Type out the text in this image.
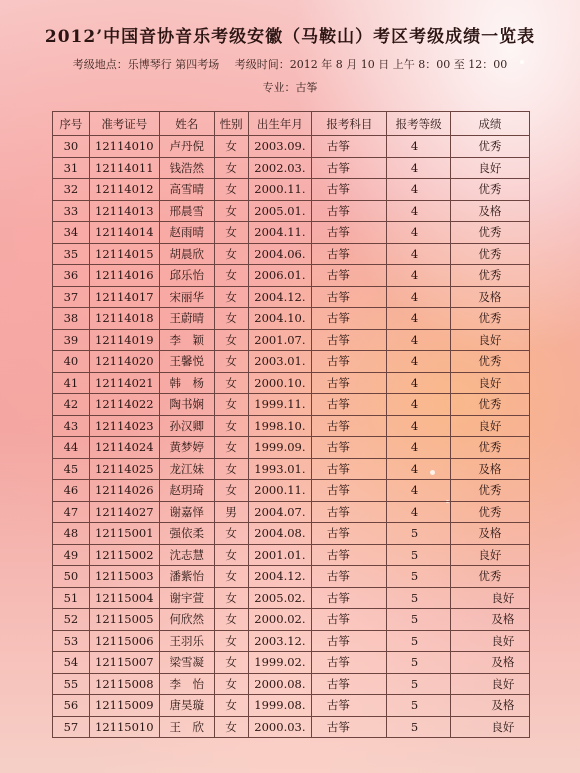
2012’中国音协音乐考级安徽（马鞍山）考区考级成绩一览表
考级地点：乐博琴行 第四考场 考级时间：2012 年 8 月 10 日 上午 8：00 至 12：00
专业：古筝
序号	准考证号	姓名	性别	出生年月	报考科目	报考等级	成绩
30	12114010	卢丹倪	女	2003.09.	古筝	4	优秀
31	12114011	钱浩然	女	2002.03.	古筝	4	良好
32	12114012	高雪晴	女	2000.11.	古筝	4	优秀
33	12114013	邢晨雪	女	2005.01.	古筝	4	及格
34	12114014	赵雨晴	女	2004.11.	古筝	4	优秀
35	12114015	胡晨欣	女	2004.06.	古筝	4	优秀
36	12114016	邱乐怡	女	2006.01.	古筝	4	优秀
37	12114017	宋丽华	女	2004.12.	古筝	4	及格
38	12114018	王蔚晴	女	2004.10.	古筝	4	优秀
39	12114019	李　颖	女	2001.07.	古筝	4	良好
40	12114020	王馨悦	女	2003.01.	古筝	4	优秀
41	12114021	韩　杨	女	2000.10.	古筝	4	良好
42	12114022	陶书娴	女	1999.11.	古筝	4	优秀
43	12114023	孙汉卿	女	1998.10.	古筝	4	良好
44	12114024	黄梦婷	女	1999.09.	古筝	4	优秀
45	12114025	龙江妹	女	1993.01.	古筝	4	及格
46	12114026	赵玥琦	女	2000.11.	古筝	4	优秀
47	12114027	谢嘉怿	男	2004.07.	古筝	4	优秀
48	12115001	强依柔	女	2004.08.	古筝	5	及格
49	12115002	沈志慧	女	2001.01.	古筝	5	良好
50	12115003	潘紫怡	女	2004.12.	古筝	5	优秀
51	12115004	谢宇萱	女	2005.02.	古筝	5	良好
52	12115005	何欣然	女	2000.02.	古筝	5	及格
53	12115006	王羽乐	女	2003.12.	古筝	5	良好
54	12115007	梁雪凝	女	1999.02.	古筝	5	及格
55	12115008	李　怡	女	2000.08.	古筝	5	良好
56	12115009	唐昊璇	女	1999.08.	古筝	5	及格
57	12115010	王　欣	女	2000.03.	古筝	5	良好
